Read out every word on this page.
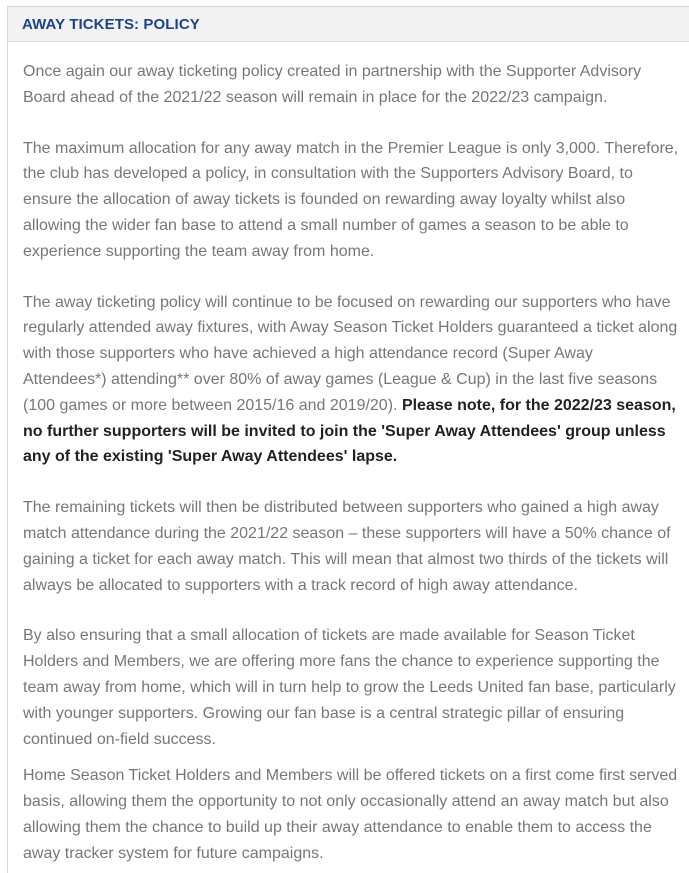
AWAY TICKETS: POLICY

Once again our away ticketing policy created in partnership with the Supporter Advisory Board ahead of the 2021/22 season will remain in place for the 2022/23 campaign.

The maximum allocation for any away match in the Premier League is only 3,000. Therefore, the club has developed a policy, in consultation with the Supporters Advisory Board, to ensure the allocation of away tickets is founded on rewarding away loyalty whilst also allowing the wider fan base to attend a small number of games a season to be able to experience supporting the team away from home.

The away ticketing policy will continue to be focused on rewarding our supporters who have regularly attended away fixtures, with Away Season Ticket Holders guaranteed a ticket along with those supporters who have achieved a high attendance record (Super Away Attendees*) attending** over 80% of away games (League & Cup) in the last five seasons (100 games or more between 2015/16 and 2019/20). Please note, for the 2022/23 season, no further supporters will be invited to join the 'Super Away Attendees' group unless any of the existing 'Super Away Attendees' lapse.

The remaining tickets will then be distributed between supporters who gained a high away match attendance during the 2021/22 season – these supporters will have a 50% chance of gaining a ticket for each away match. This will mean that almost two thirds of the tickets will always be allocated to supporters with a track record of high away attendance.

By also ensuring that a small allocation of tickets are made available for Season Ticket Holders and Members, we are offering more fans the chance to experience supporting the team away from home, which will in turn help to grow the Leeds United fan base, particularly with younger supporters. Growing our fan base is a central strategic pillar of ensuring continued on-field success.

Home Season Ticket Holders and Members will be offered tickets on a first come first served basis, allowing them the opportunity to not only occasionally attend an away match but also allowing them the chance to build up their away attendance to enable them to access the away tracker system for future campaigns.
